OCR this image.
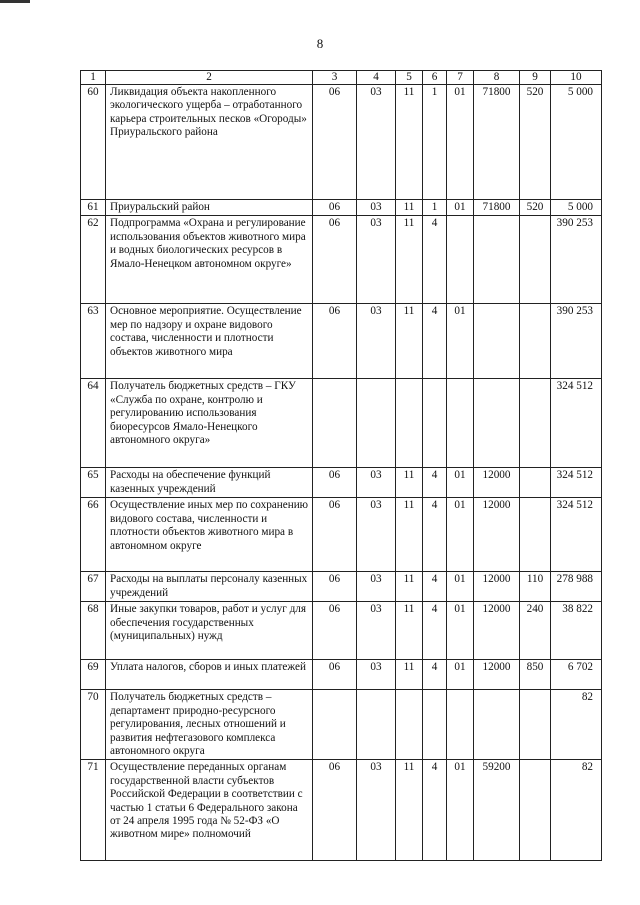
8
1	2	3	4	5	6	7	8	9	10
60	Ликвидация объекта накопленного экологического ущерба – отработанного карьера строительных песков «Огороды» Приуральского района	06	03	11	1	01	71800	520	5 000
61	Приуральский район	06	03	11	1	01	71800	520	5 000
62	Подпрограмма «Охрана и регулирование использования объектов животного мира и водных биологических ресурсов в Ямало-Ненецком автономном округе»	06	03	11	4				390 253
63	Основное мероприятие. Осуществление мер по надзору и охране видового состава, численности и плотности объектов животного мира	06	03	11	4	01			390 253
64	Получатель бюджетных средств – ГКУ «Служба по охране, контролю и регулированию использования биоресурсов Ямало-Ненецкого автономного округа»								324 512
65	Расходы на обеспечение функций казенных учреждений	06	03	11	4	01	12000		324 512
66	Осуществление иных мер по сохранению видового состава, численности и плотности объектов животного мира в автономном округе	06	03	11	4	01	12000		324 512
67	Расходы на выплаты персоналу казенных учреждений	06	03	11	4	01	12000	110	278 988
68	Иные закупки товаров, работ и услуг для обеспечения государственных (муниципальных) нужд	06	03	11	4	01	12000	240	38 822
69	Уплата налогов, сборов и иных платежей	06	03	11	4	01	12000	850	6 702
70	Получатель бюджетных средств – департамент природно-ресурсного регулирования, лесных отношений и развития нефтегазового комплекса автономного округа								82
71	Осуществление переданных органам государственной власти субъектов Российской Федерации в соответствии с частью 1 статьи 6 Федерального закона от 24 апреля 1995 года № 52-ФЗ «О животном мире» полномочий	06	03	11	4	01	59200		82
